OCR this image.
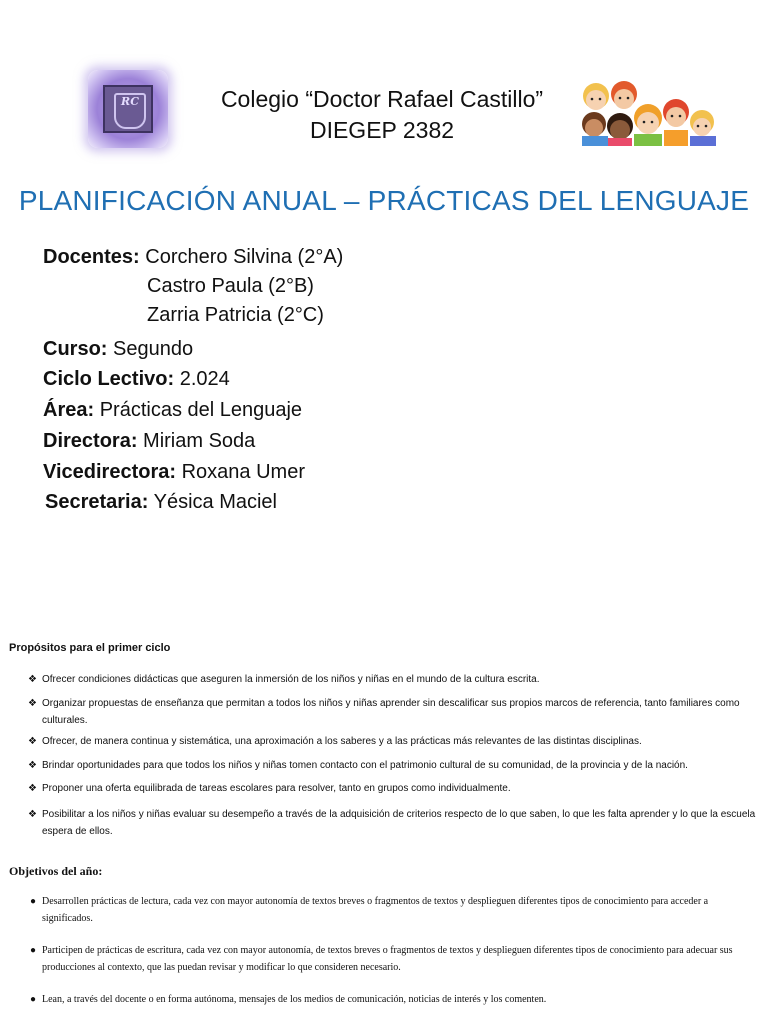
RC	Colegio “Doctor Rafael Castillo”
DIEGEP 2382
PLANIFICACIÓN ANUAL – PRÁCTICAS DEL LENGUAJE
Docentes: Corchero Silvina (2°A)
Castro Paula (2°B)
Zarria Patricia (2°C)
Curso: Segundo
Ciclo Lectivo: 2.024
Área: Prácticas del Lenguaje
Directora: Miriam Soda
Vicedirectora: Roxana Umer
Secretaria: Yésica Maciel
Propósitos para el primer ciclo
❖ Ofrecer condiciones didácticas que aseguren la inmersión de los niños y niñas en el mundo de la cultura escrita.
❖ Organizar propuestas de enseñanza que permitan a todos los niños y niñas aprender sin descalificar sus propios marcos de referencia, tanto familiares como culturales.
❖ Ofrecer, de manera continua y sistemática, una aproximación a los saberes y a las prácticas más relevantes de las distintas disciplinas.
❖ Brindar oportunidades para que todos los niños y niñas tomen contacto con el patrimonio cultural de su comunidad, de la provincia y de la nación.
❖ Proponer una oferta equilibrada de tareas escolares para resolver, tanto en grupos como individualmente.
❖ Posibilitar a los niños y niñas evaluar su desempeño a través de la adquisición de criterios respecto de lo que saben, lo que les falta aprender y lo que la escuela espera de ellos.
Objetivos del año:
● Desarrollen prácticas de lectura, cada vez con mayor autonomía de textos breves o fragmentos de textos y desplieguen diferentes tipos de conocimiento para acceder a significados.
● Participen de prácticas de escritura, cada vez con mayor autonomía, de textos breves o fragmentos de textos y desplieguen diferentes tipos de conocimiento para adecuar sus producciones al contexto, que las puedan revisar y modificar lo que consideren necesario.
● Lean, a través del docente o en forma autónoma, mensajes de los medios de comunicación, noticias de interés y los comenten.
